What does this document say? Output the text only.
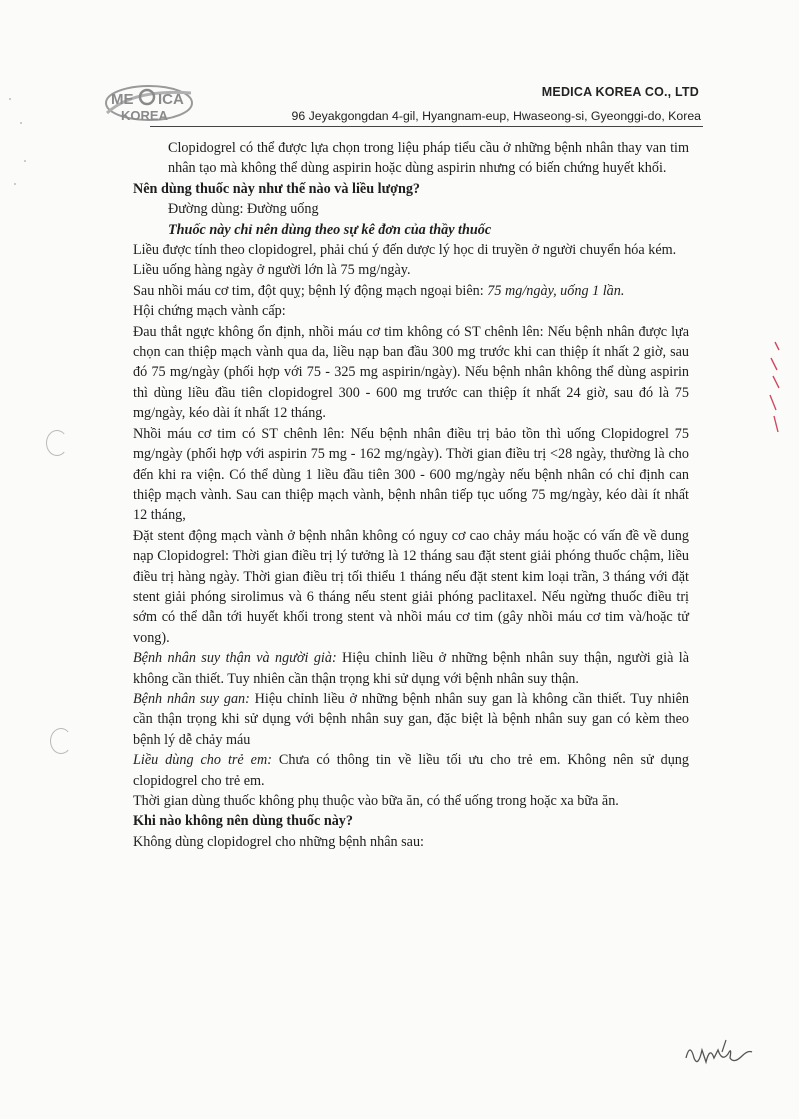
ME ICA
KOREA
MEDICA KOREA CO., LTD
96 Jeyakgongdan 4-gil, Hyangnam-eup, Hwaseong-si, Gyeonggi-do, Korea

Clopidogrel có thể được lựa chọn trong liệu pháp tiểu cầu ở những bệnh nhân thay van tim nhân tạo mà không thể dùng aspirin hoặc dùng aspirin nhưng có biến chứng huyết khối.

Nên dùng thuốc này như thế nào và liều lượng?

Đường dùng: Đường uống

Thuốc này chỉ nên dùng theo sự kê đơn của thầy thuốc

Liều được tính theo clopidogrel, phải chú ý đến dược lý học di truyền ở người chuyển hóa kém.

Liều uống hàng ngày ở người lớn là 75 mg/ngày.

Sau nhồi máu cơ tim, đột quỵ; bệnh lý động mạch ngoại biên: 75 mg/ngày, uống 1 lần.

Hội chứng mạch vành cấp:

Đau thắt ngực không ổn định, nhồi máu cơ tim không có ST chênh lên: Nếu bệnh nhân được lựa chọn can thiệp mạch vành qua da, liều nạp ban đầu 300 mg trước khi can thiệp ít nhất 2 giờ, sau đó 75 mg/ngày (phối hợp với 75 - 325 mg aspirin/ngày). Nếu bệnh nhân không thể dùng aspirin thì dùng liều đầu tiên clopidogrel 300 - 600 mg trước can thiệp ít nhất 24 giờ, sau đó là 75 mg/ngày, kéo dài ít nhất 12 tháng.

Nhồi máu cơ tim có ST chênh lên: Nếu bệnh nhân điều trị bảo tồn thì uống Clopidogrel 75 mg/ngày (phối hợp với aspirin 75 mg - 162 mg/ngày). Thời gian điều trị <28 ngày, thường là cho đến khi ra viện. Có thể dùng 1 liều đầu tiên 300 - 600 mg/ngày nếu bệnh nhân có chỉ định can thiệp mạch vành. Sau can thiệp mạch vành, bệnh nhân tiếp tục uống 75 mg/ngày, kéo dài ít nhất 12 tháng,

Đặt stent động mạch vành ở bệnh nhân không có nguy cơ cao chảy máu hoặc có vấn đề về dung nạp Clopidogrel: Thời gian điều trị lý tưởng là 12 tháng sau đặt stent giải phóng thuốc chậm, liều điều trị hàng ngày. Thời gian điều trị tối thiểu 1 tháng nếu đặt stent kim loại trần, 3 tháng với đặt stent giải phóng sirolimus và 6 tháng nếu stent giải phóng paclitaxel. Nếu ngừng thuốc điều trị sớm có thể dẫn tới huyết khối trong stent và nhồi máu cơ tim (gây nhồi máu cơ tim và/hoặc tử vong).

Bệnh nhân suy thận và người già: Hiệu chỉnh liều ở những bệnh nhân suy thận, người già là không cần thiết. Tuy nhiên cần thận trọng khi sử dụng với bệnh nhân suy thận.

Bệnh nhân suy gan: Hiệu chỉnh liều ở những bệnh nhân suy gan là không cần thiết. Tuy nhiên cần thận trọng khi sử dụng với bệnh nhân suy gan, đặc biệt là bệnh nhân suy gan có kèm theo bệnh lý dễ chảy máu

Liều dùng cho trẻ em: Chưa có thông tin về liều tối ưu cho trẻ em. Không nên sử dụng clopidogrel cho trẻ em.

Thời gian dùng thuốc không phụ thuộc vào bữa ăn, có thể uống trong hoặc xa bữa ăn.

Khi nào không nên dùng thuốc này?

Không dùng clopidogrel cho những bệnh nhân sau:
